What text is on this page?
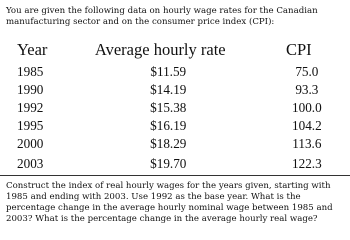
You are given the following data on hourly wage rates for the Canadian manufacturing sector and on the consumer price index (CPI):

Year	Average hourly rate	CPI
1985	$11.59	75.0
1990	$14.19	93.3
1992	$15.38	100.0
1995	$16.19	104.2
2000	$18.29	113.6
2003	$19.70	122.3

Construct the index of real hourly wages for the years given, starting with 1985 and ending with 2003. Use 1992 as the base year. What is the percentage change in the average hourly nominal wage between 1985 and 2003? What is the percentage change in the average hourly real wage?
